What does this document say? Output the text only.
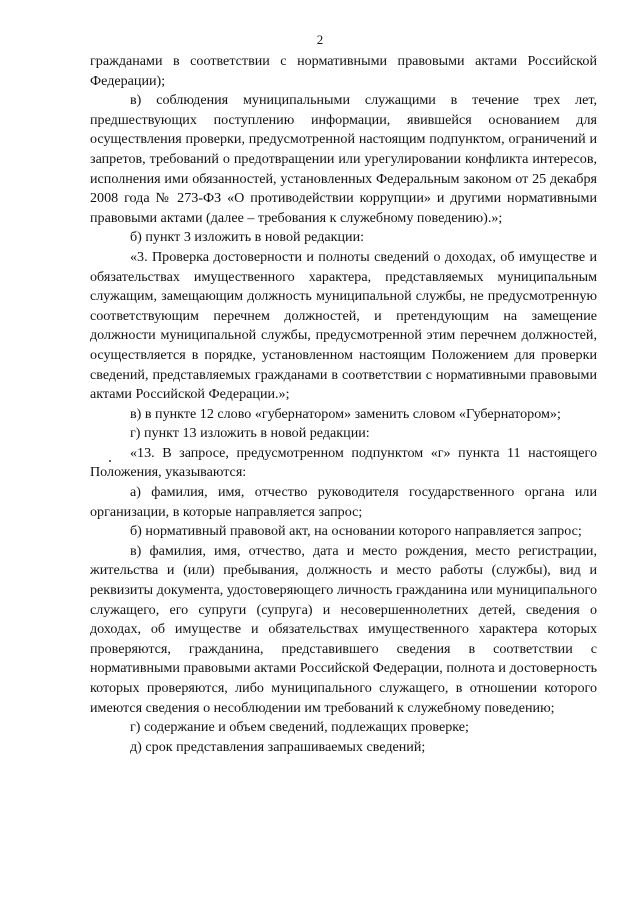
2

гражданами в соответствии с нормативными правовыми актами Российской Федерации);

в) соблюдения муниципальными служащими в течение трех лет, предшествующих поступлению информации, явившейся основанием для осуществления проверки, предусмотренной настоящим подпунктом, ограничений и запретов, требований о предотвращении или урегулировании конфликта интересов, исполнения ими обязанностей, установленных Федеральным законом от 25 декабря 2008 года № 273-ФЗ «О противодействии коррупции» и другими нормативными правовыми актами (далее – требования к служебному поведению).»;

б) пункт 3 изложить в новой редакции:

«3. Проверка достоверности и полноты сведений о доходах, об имуществе и обязательствах имущественного характера, представляемых муниципальным служащим, замещающим должность муниципальной службы, не предусмотренную соответствующим перечнем должностей, и претендующим на замещение должности муниципальной службы, предусмотренной этим перечнем должностей, осуществляется в порядке, установленном настоящим Положением для проверки сведений, представляемых гражданами в соответствии с нормативными правовыми актами Российской Федерации.»;

в) в пункте 12 слово «губернатором» заменить словом «Губернатором»;

г) пункт 13 изложить в новой редакции:

«13. В запросе, предусмотренном подпунктом «г» пункта 11 настоящего Положения, указываются:

а) фамилия, имя, отчество руководителя государственного органа или организации, в которые направляется запрос;

б) нормативный правовой акт, на основании которого направляется запрос;

в) фамилия, имя, отчество, дата и место рождения, место регистрации, жительства и (или) пребывания, должность и место работы (службы), вид и реквизиты документа, удостоверяющего личность гражданина или муниципального служащего, его супруги (супруга) и несовершеннолетних детей, сведения о доходах, об имуществе и обязательствах имущественного характера которых проверяются, гражданина, представившего сведения в соответствии с нормативными правовыми актами Российской Федерации, полнота и достоверность которых проверяются, либо муниципального служащего, в отношении которого имеются сведения о несоблюдении им требований к служебному поведению;

г) содержание и объем сведений, подлежащих проверке;

д) срок представления запрашиваемых сведений;
